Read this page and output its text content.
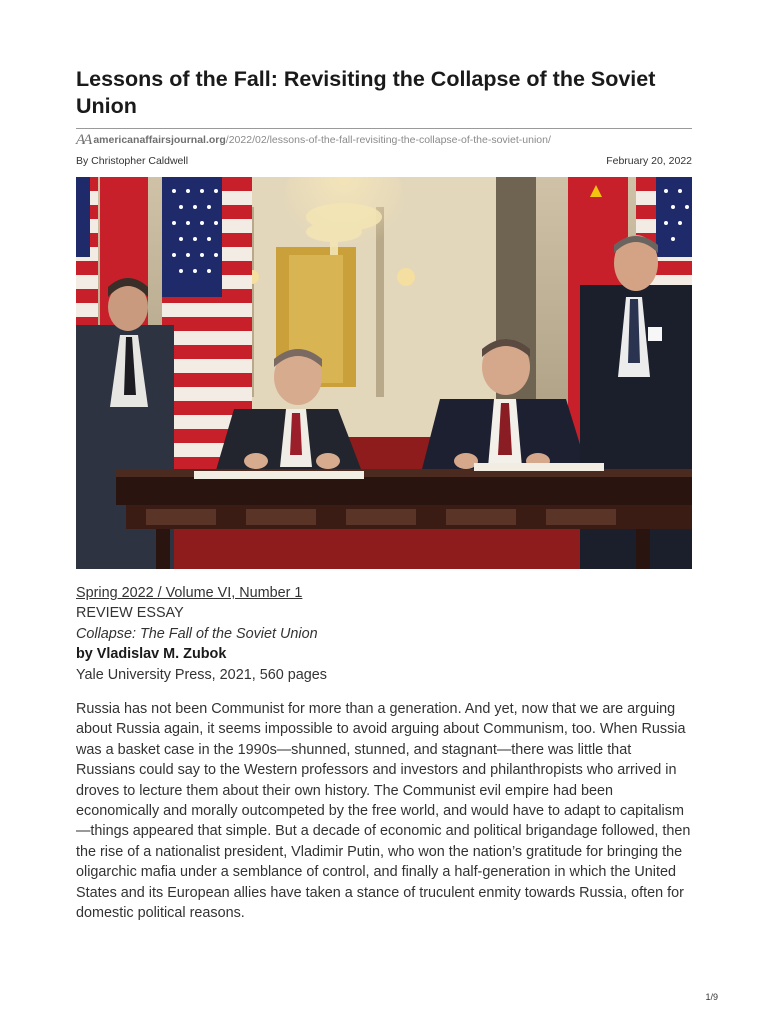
Lessons of the Fall: Revisiting the Collapse of the Soviet Union
AA americanaffairsjournal.org/2022/02/lessons-of-the-fall-revisiting-the-collapse-of-the-soviet-union/
By Christopher Caldwell	February 20, 2022
Spring 2022 / Volume VI, Number 1
REVIEW ESSAY
Collapse: The Fall of the Soviet Union
by Vladislav M. Zubok
Yale University Press, 2021, 560 pages

Russia has not been Communist for more than a generation. And yet, now that we are arguing about Russia again, it seems impossible to avoid arguing about Communism, too. When Russia was a basket case in the 1990s—shunned, stunned, and stagnant—there was little that Russians could say to the Western professors and investors and philanthropists who arrived in droves to lecture them about their own history. The Communist evil empire had been economically and morally outcompeted by the free world, and would have to adapt to capitalism—things appeared that simple. But a decade of economic and political brigandage followed, then the rise of a nationalist president, Vladimir Putin, who won the nation’s gratitude for bringing the oligarchic mafia under a semblance of control, and finally a half-generation in which the United States and its European allies have taken a stance of truculent enmity towards Russia, often for domestic political reasons.

1/9
